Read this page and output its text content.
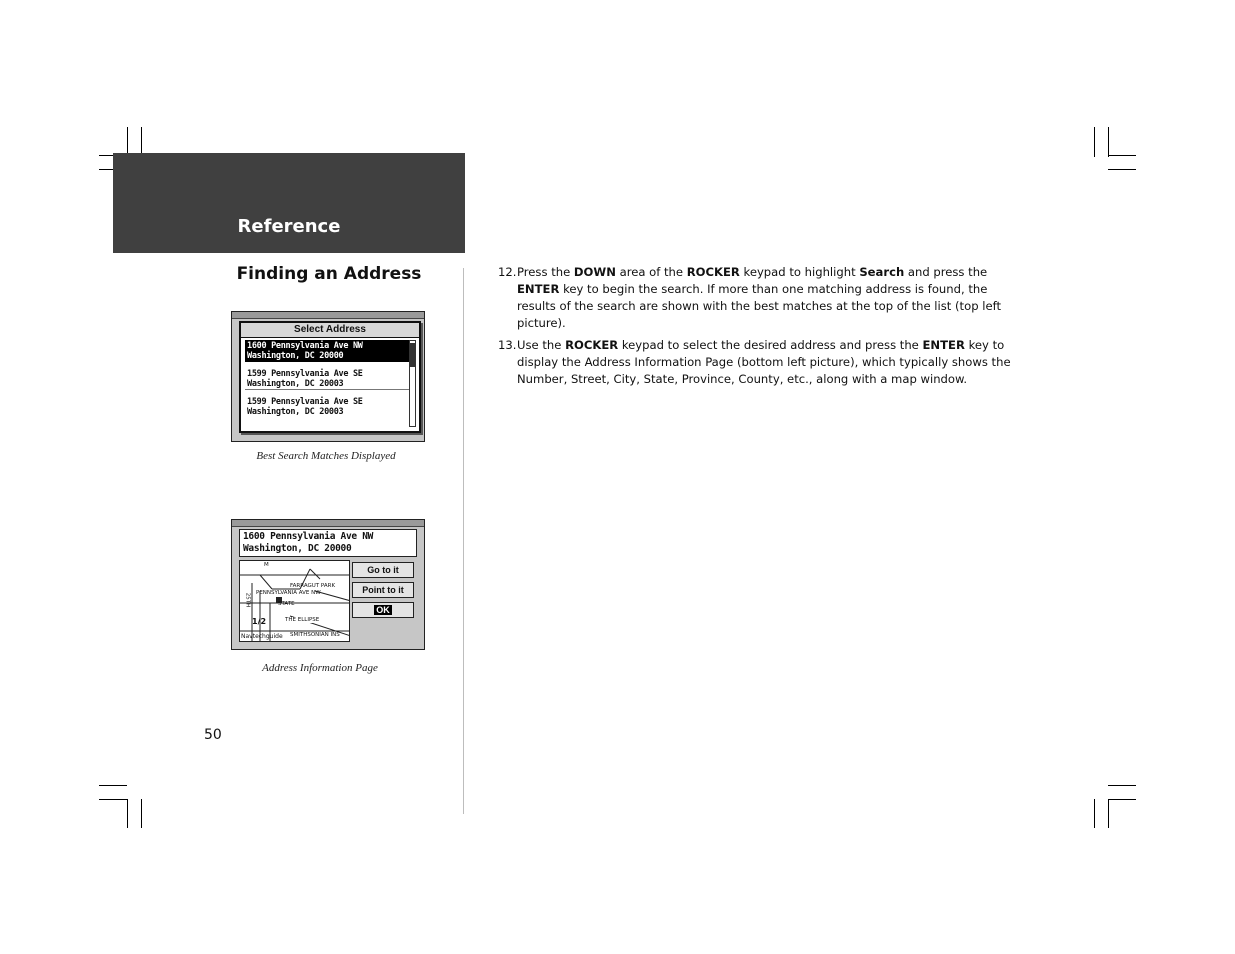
Reference
Finding an Address
Select Address
1600 Pennsylvania Ave NW
Washington, DC 20000
1599 Pennsylvania Ave SE
Washington, DC 20003
1599 Pennsylvania Ave SE
Washington, DC 20003
Best Search Matches Displayed
1600 Pennsylvania Ave NW
Washington, DC 20000
M
FARRAGUT PARK
PENNSYLVANIA AVE NW
STATE
25TH
THE ELLIPSE
SMITHSONIAN INS
1/2
Navtechguide
Go to it
Point to it
OK
Address Information Page
12. Press the DOWN area of the ROCKER keypad to highlight Search and press the ENTER key to begin the search. If more than one matching address is found, the results of the search are shown with the best matches at the top of the list (top left picture).
13. Use the ROCKER keypad to select the desired address and press the ENTER key to display the Address Information Page (bottom left picture), which typically shows the Number, Street, City, State, Province, County, etc., along with a map window.
50
